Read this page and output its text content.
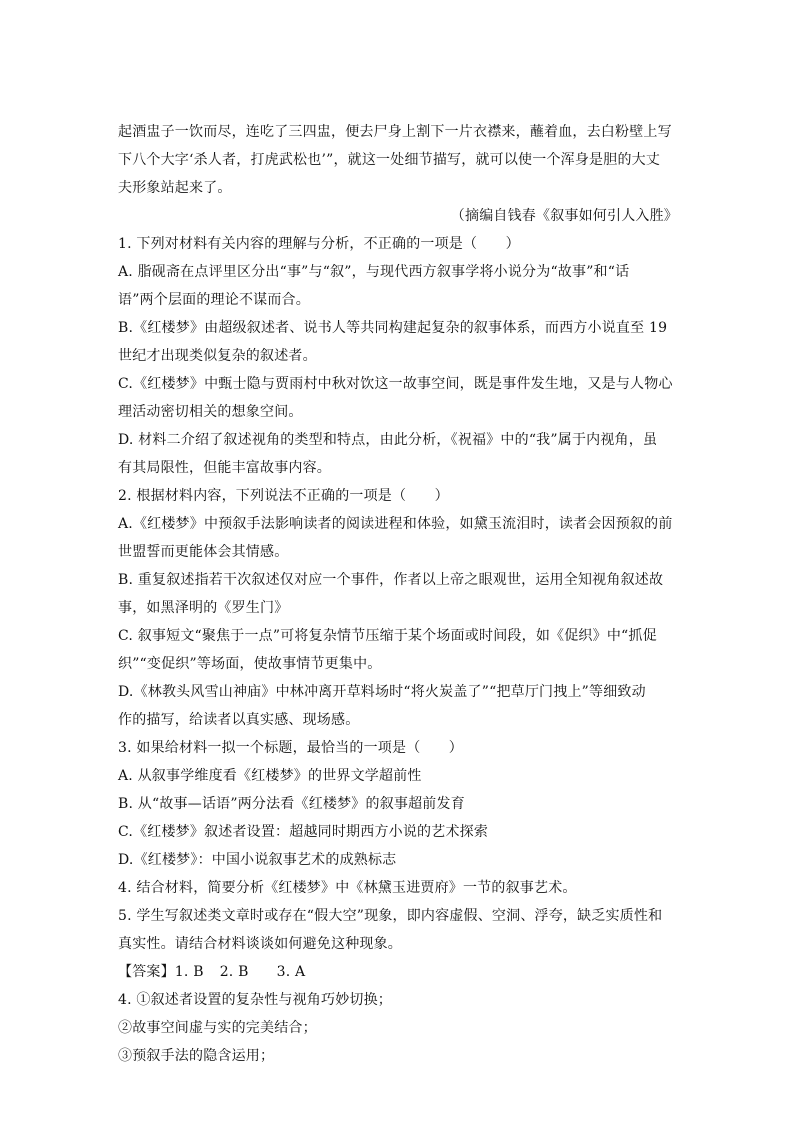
起酒盅子一饮而尽，连吃了三四盅，便去尸身上割下一片衣襟来，蘸着血，去白粉壁上写
下八个大字‘杀人者，打虎武松也’”，就这一处细节描写，就可以使一个浑身是胆的大丈
夫形象站起来了。
（摘编自钱春《叙事如何引人入胜》
1. 下列对材料有关内容的理解与分析，不正确的一项是（　　）
A. 脂砚斋在点评里区分出“事”与“叙”，与现代西方叙事学将小说分为“故事”和“话
语”两个层面的理论不谋而合。
B.《红楼梦》由超级叙述者、说书人等共同构建起复杂的叙事体系，而西方小说直至 19
世纪才出现类似复杂的叙述者。
C.《红楼梦》中甄士隐与贾雨村中秋对饮这一故事空间，既是事件发生地，又是与人物心
理活动密切相关的想象空间。
D. 材料二介绍了叙述视角的类型和特点，由此分析，《祝福》中的“我”属于内视角，虽
有其局限性，但能丰富故事内容。
2. 根据材料内容，下列说法不正确的一项是（　　）
A.《红楼梦》中预叙手法影响读者的阅读进程和体验，如黛玉流泪时，读者会因预叙的前
世盟誓而更能体会其情感。
B. 重复叙述指若干次叙述仅对应一个事件，作者以上帝之眼观世，运用全知视角叙述故
事，如黑泽明的《罗生门》
C. 叙事短文“聚焦于一点”可将复杂情节压缩于某个场面或时间段，如《促织》中“抓促
织”“变促织”等场面，使故事情节更集中。
D.《林教头风雪山神庙》中林冲离开草料场时“将火炭盖了”“把草厅门拽上”等细致动
作的描写，给读者以真实感、现场感。
3. 如果给材料一拟一个标题，最恰当的一项是（　　）
A. 从叙事学维度看《红楼梦》的世界文学超前性
B. 从“故事—话语”两分法看《红楼梦》的叙事超前发育
C.《红楼梦》叙述者设置：超越同时期西方小说的艺术探索
D.《红楼梦》：中国小说叙事艺术的成熟标志
4. 结合材料，简要分析《红楼梦》中《林黛玉进贾府》一节的叙事艺术。
5. 学生写叙述类文章时或存在“假大空”现象，即内容虚假、空洞、浮夸，缺乏实质性和
真实性。请结合材料谈谈如何避免这种现象。
【答案】1. B 2. B 3. A
4. ①叙述者设置的复杂性与视角巧妙切换；
②故事空间虚与实的完美结合；
③预叙手法的隐含运用；
